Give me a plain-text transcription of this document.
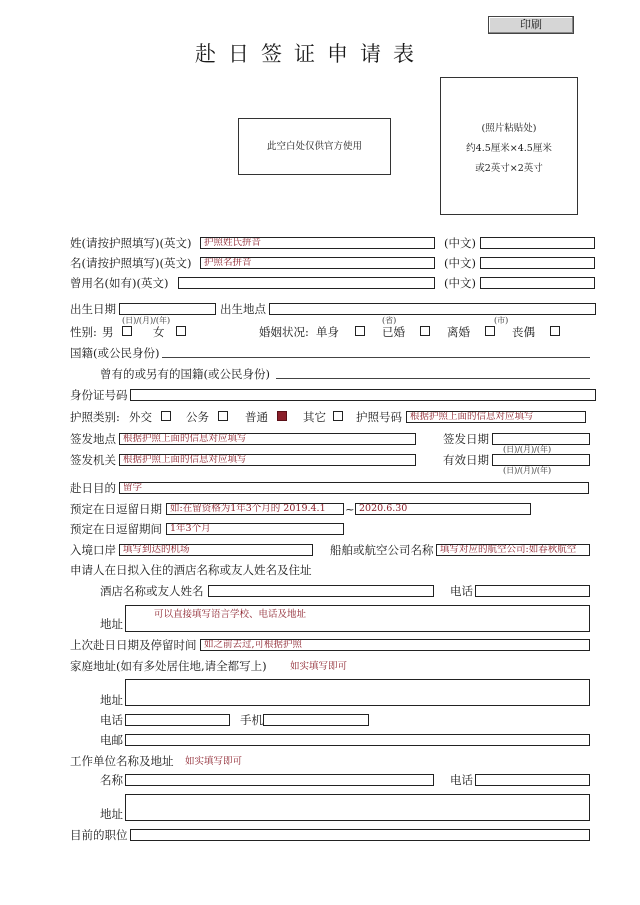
印刷
赴日签证申请表
此空白处仅供官方使用
(照片粘贴处)
约4.5厘米×4.5厘米
或2英寸×2英寸
姓(请按护照填写)(英文)	护照姓氏拼音	(中文)
名(请按护照填写)(英文)	护照名拼音	(中文)
曾用名(如有)(英文)	(中文)
出生日期	出生地点
(日)/(月)/(年)	(省)	(市)
性别: 男	女	婚姻状况: 单身	已婚	离婚	丧偶
国籍(或公民身份)
曾有的或另有的国籍(或公民身份)
身份证号码
护照类别: 外交	公务	普通	其它	护照号码 根据护照上面的信息对应填写
签发地点 根据护照上面的信息对应填写	签发日期
(日)/(月)/(年)
签发机关 根据护照上面的信息对应填写	有效日期
(日)/(月)/(年)
赴日目的 留学
预定在日逗留日期 如:在留资格为1年3个月的 2019.4.1	~ 2020.6.30
预定在日逗留期间 1年3个月
入境口岸 填写到达的机场	船舶或航空公司名称 填写对应的航空公司:如春秋航空
申请人在日拟入住的酒店名称或友人姓名及住址
酒店名称或友人姓名	电话
地址
可以直接填写语言学校、电话及地址
上次赴日日期及停留时间 如之前去过,可根据护照
家庭地址(如有多处居住地,请全都写上) 如实填写即可
地址
电话	手机
电邮
工作单位名称及地址 如实填写即可
名称	电话
地址
目前的职位
